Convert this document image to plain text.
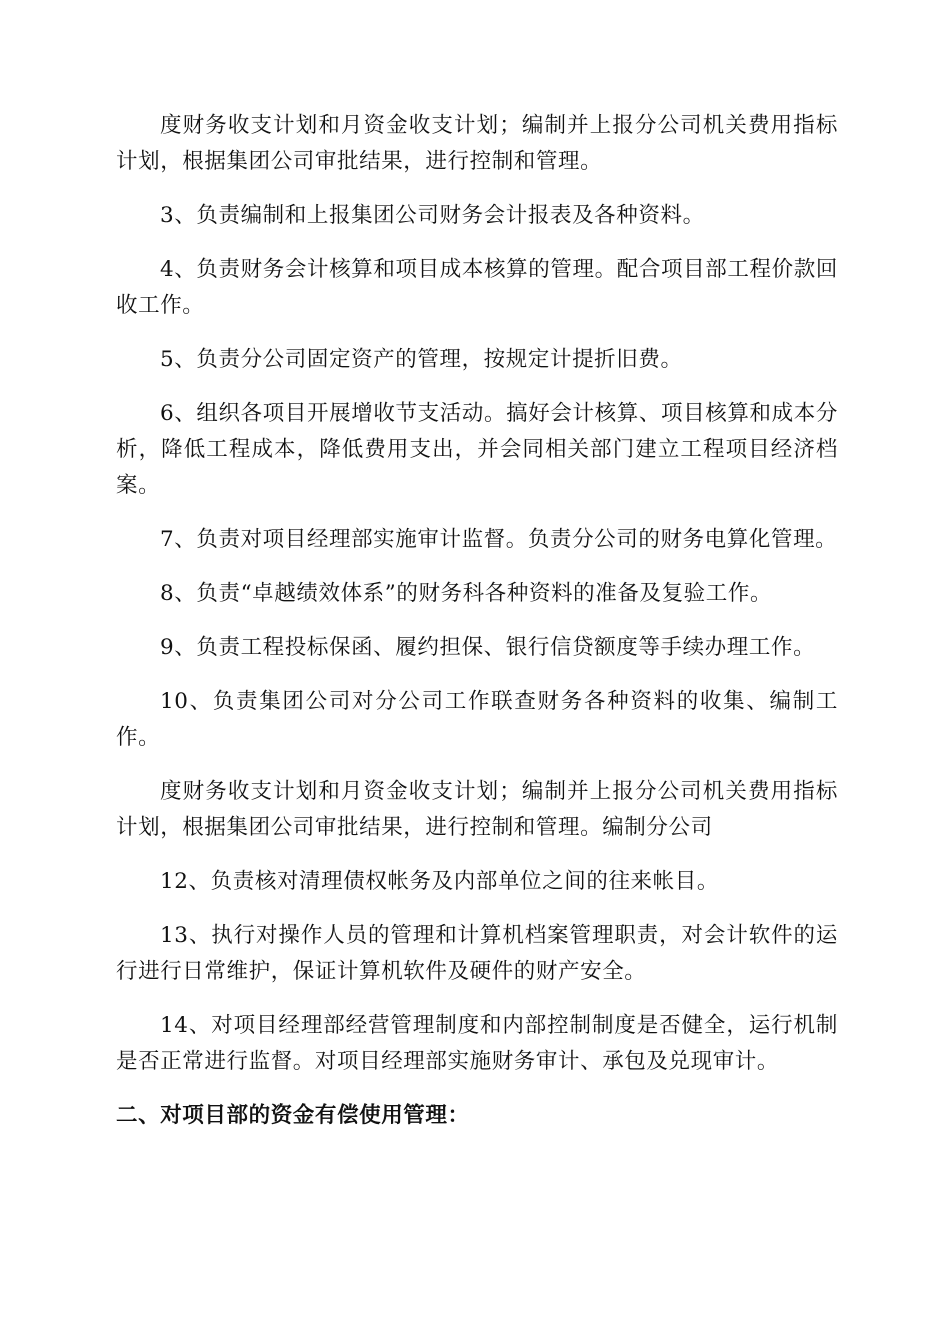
度财务收支计划和月资金收支计划；编制并上报分公司机关费用指标计划，根据集团公司审批结果，进行控制和管理。

3、负责编制和上报集团公司财务会计报表及各种资料。

4、负责财务会计核算和项目成本核算的管理。配合项目部工程价款回收工作。

5、负责分公司固定资产的管理，按规定计提折旧费。

6、组织各项目开展增收节支活动。搞好会计核算、项目核算和成本分析，降低工程成本，降低费用支出，并会同相关部门建立工程项目经济档案。

7、负责对项目经理部实施审计监督。负责分公司的财务电算化管理。

8、负责“卓越绩效体系”的财务科各种资料的准备及复验工作。

9、负责工程投标保函、履约担保、银行信贷额度等手续办理工作。

10、负责集团公司对分公司工作联查财务各种资料的收集、编制工作。

度财务收支计划和月资金收支计划；编制并上报分公司机关费用指标计划，根据集团公司审批结果，进行控制和管理。编制分公司

12、负责核对清理债权帐务及内部单位之间的往来帐目。

13、执行对操作人员的管理和计算机档案管理职责，对会计软件的运行进行日常维护，保证计算机软件及硬件的财产安全。

14、对项目经理部经营管理制度和内部控制制度是否健全，运行机制是否正常进行监督。对项目经理部实施财务审计、承包及兑现审计。

二、对项目部的资金有偿使用管理：
